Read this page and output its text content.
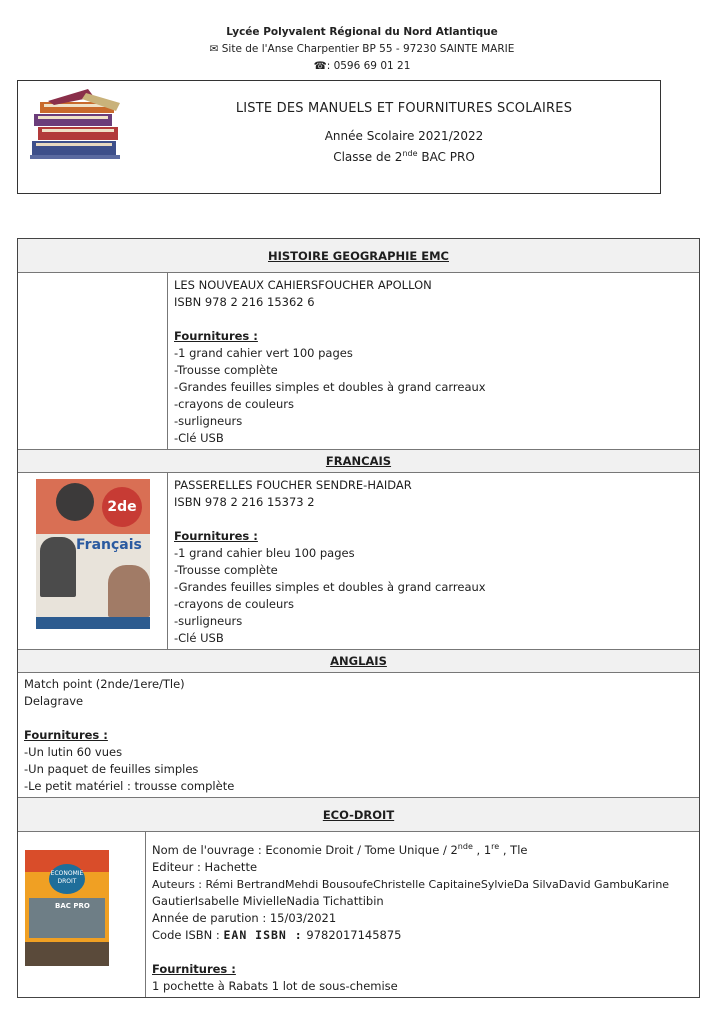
Lycée Polyvalent Régional du Nord Atlantique
✉ Site de l'Anse Charpentier BP 55 - 97230 SAINTE MARIE
☎: 0596 69 01 21
LISTE DES MANUELS ET FOURNITURES SCOLAIRES
Année Scolaire 2021/2022
Classe de 2nde BAC PRO
HISTOIRE GEOGRAPHIE EMC
LES NOUVEAUX CAHIERSFOUCHER APOLLON
ISBN 978 2 216 15362 6
Fournitures :
-1 grand cahier vert 100 pages
-Trousse complète
-Grandes feuilles simples et doubles à grand carreaux
-crayons de couleurs
-surligneurs
-Clé USB
FRANCAIS
2de
Français
PASSERELLES FOUCHER SENDRE-HAIDAR
ISBN 978 2 216 15373 2
Fournitures :
-1 grand cahier bleu 100 pages
-Trousse complète
-Grandes feuilles simples et doubles à grand carreaux
-crayons de couleurs
-surligneurs
-Clé USB
ANGLAIS
Match point (2nde/1ere/Tle)
Delagrave
Fournitures :
-Un lutin 60 vues
-Un paquet de feuilles simples
-Le petit matériel : trousse complète
ECO-DROIT
ECONOMIE DROIT
BAC PRO
Nom de l'ouvrage : Economie Droit / Tome Unique / 2nde , 1re , Tle
Editeur : Hachette
Auteurs : Rémi BertrandMehdi BousoufeChristelle CapitaineSylvieDa SilvaDavid GambuKarine
GautierIsabelle MivielleNadia Tichattibin
Année de parution : 15/03/2021
Code ISBN : EAN ISBN : 9782017145875
Fournitures :
1 pochette à Rabats 1 lot de sous-chemise
